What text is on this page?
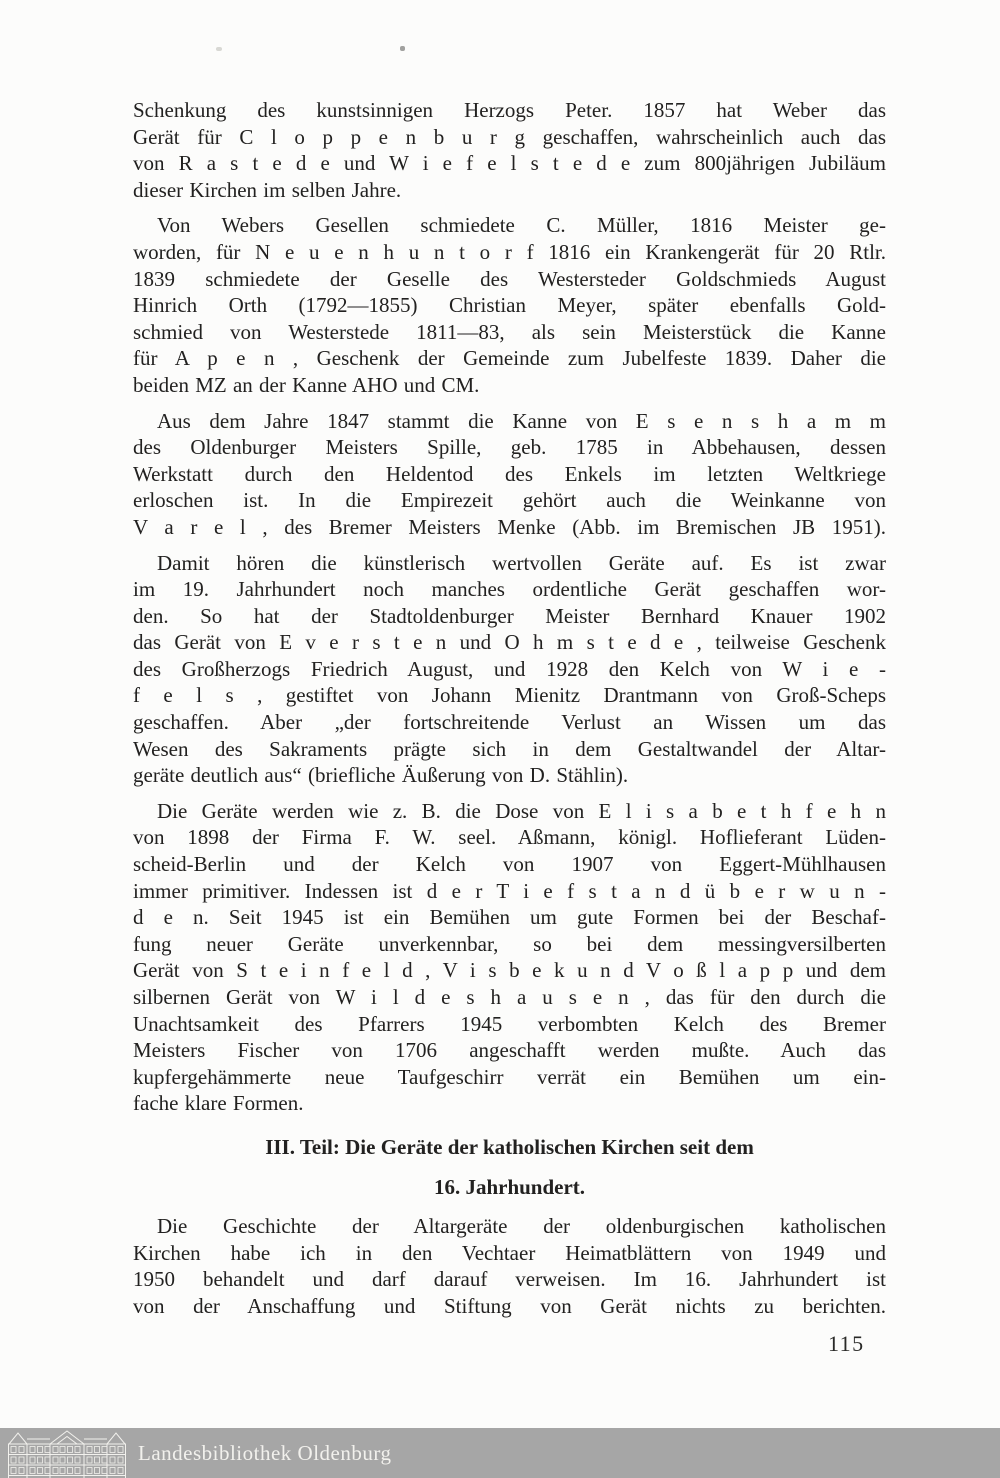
Schenkung des kunstsinnigen Herzogs Peter. 1857 hat Weber das
Gerät für C l o p p e n b u r g geschaffen, wahrscheinlich auch das
von R a s t e d e und W i e f e l s t e d e zum 800jährigen Jubiläum
dieser Kirchen im selben Jahre.
Von Webers Gesellen schmiedete C. Müller, 1816 Meister ge-
worden, für N e u e n h u n t o r f 1816 ein Krankengerät für 20 Rtlr.
1839 schmiedete der Geselle des Westersteder Goldschmieds August
Hinrich Orth (1792—1855) Christian Meyer, später ebenfalls Gold-
schmied von Westerstede 1811—83, als sein Meisterstück die Kanne
für A p e n , Geschenk der Gemeinde zum Jubelfeste 1839. Daher die
beiden MZ an der Kanne AHO und CM.
Aus dem Jahre 1847 stammt die Kanne von E s e n s h a m m
des Oldenburger Meisters Spille, geb. 1785 in Abbehausen, dessen
Werkstatt durch den Heldentod des Enkels im letzten Weltkriege
erloschen ist. In die Empirezeit gehört auch die Weinkanne von
V a r e l , des Bremer Meisters Menke (Abb. im Bremischen JB 1951).
Damit hören die künstlerisch wertvollen Geräte auf. Es ist zwar
im 19. Jahrhundert noch manches ordentliche Gerät geschaffen wor-
den. So hat der Stadtoldenburger Meister Bernhard Knauer 1902
das Gerät von E v e r s t e n und O h m s t e d e , teilweise Geschenk
des Großherzogs Friedrich August, und 1928 den Kelch von W i e -
f e l s , gestiftet von Johann Mienitz Drantmann von Groß-Scheps
geschaffen. Aber „der fortschreitende Verlust an Wissen um das
Wesen des Sakraments prägte sich in dem Gestaltwandel der Altar-
geräte deutlich aus“ (briefliche Äußerung von D. Stählin).
Die Geräte werden wie z. B. die Dose von E l i s a b e t h f e h n
von 1898 der Firma F. W. seel. Aßmann, königl. Hoflieferant Lüden-
scheid-Berlin und der Kelch von 1907 von Eggert-Mühlhausen
immer primitiver. Indessen ist d e r T i e f s t a n d ü b e r w u n -
d e n. Seit 1945 ist ein Bemühen um gute Formen bei der Beschaf-
fung neuer Geräte unverkennbar, so bei dem messingversilberten
Gerät von S t e i n f e l d , V i s b e k u n d V o ß l a p p und dem
silbernen Gerät von W i l d e s h a u s e n , das für den durch die
Unachtsamkeit des Pfarrers 1945 verbombten Kelch des Bremer
Meisters Fischer von 1706 angeschafft werden mußte. Auch das
kupfergehämmerte neue Taufgeschirr verrät ein Bemühen um ein-
fache klare Formen.
III. Teil: Die Geräte der katholischen Kirchen seit dem
16. Jahrhundert.
Die Geschichte der Altargeräte der oldenburgischen katholischen
Kirchen habe ich in den Vechtaer Heimatblättern von 1949 und
1950 behandelt und darf darauf verweisen. Im 16. Jahrhundert ist
von der Anschaffung und Stiftung von Gerät nichts zu berichten.
115
Landesbibliothek Oldenburg
